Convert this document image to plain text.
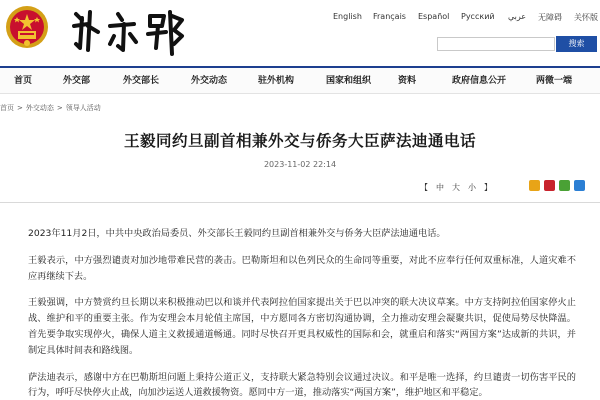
English Français Español Русский عربي 无障碍 关怀版
搜索
首页	外交部	外交部长	外交动态	驻外机构	国家和组织	资料	政府信息公开	两微一端
首页 > 外交动态 > 领导人活动
王毅同约旦副首相兼外交与侨务大臣萨法迪通电话
2023-11-02 22:14
【 中 大 小 】

2023年11月2日，中共中央政治局委员、外交部长王毅同约旦副首相兼外交与侨务大臣萨法迪通电话。

王毅表示，中方强烈谴责对加沙地带难民营的袭击。巴勒斯坦和以色列民众的生命同等重要，对此不应奉行任何双重标准，人道灾难不应再继续下去。

王毅强调，中方赞赏约旦长期以来积极推动巴以和谈并代表阿拉伯国家提出关于巴以冲突的联大决议草案。中方支持阿拉伯国家停火止战、维护和平的重要主张。作为安理会本月轮值主席国，中方愿同各方密切沟通协调，全力推动安理会凝聚共识，促使局势尽快降温。首先要争取实现停火，确保人道主义救援通道畅通。同时尽快召开更具权威性的国际和会，就重启和落实“两国方案”达成新的共识，并制定具体时间表和路线图。

萨法迪表示，感谢中方在巴勒斯坦问题上秉持公道正义，支持联大紧急特别会议通过决议。和平是唯一选择，约旦谴责一切伤害平民的行为，呼吁尽快停火止战，向加沙运送人道救援物资。愿同中方一道，推动落实“两国方案”，维护地区和平稳定。
